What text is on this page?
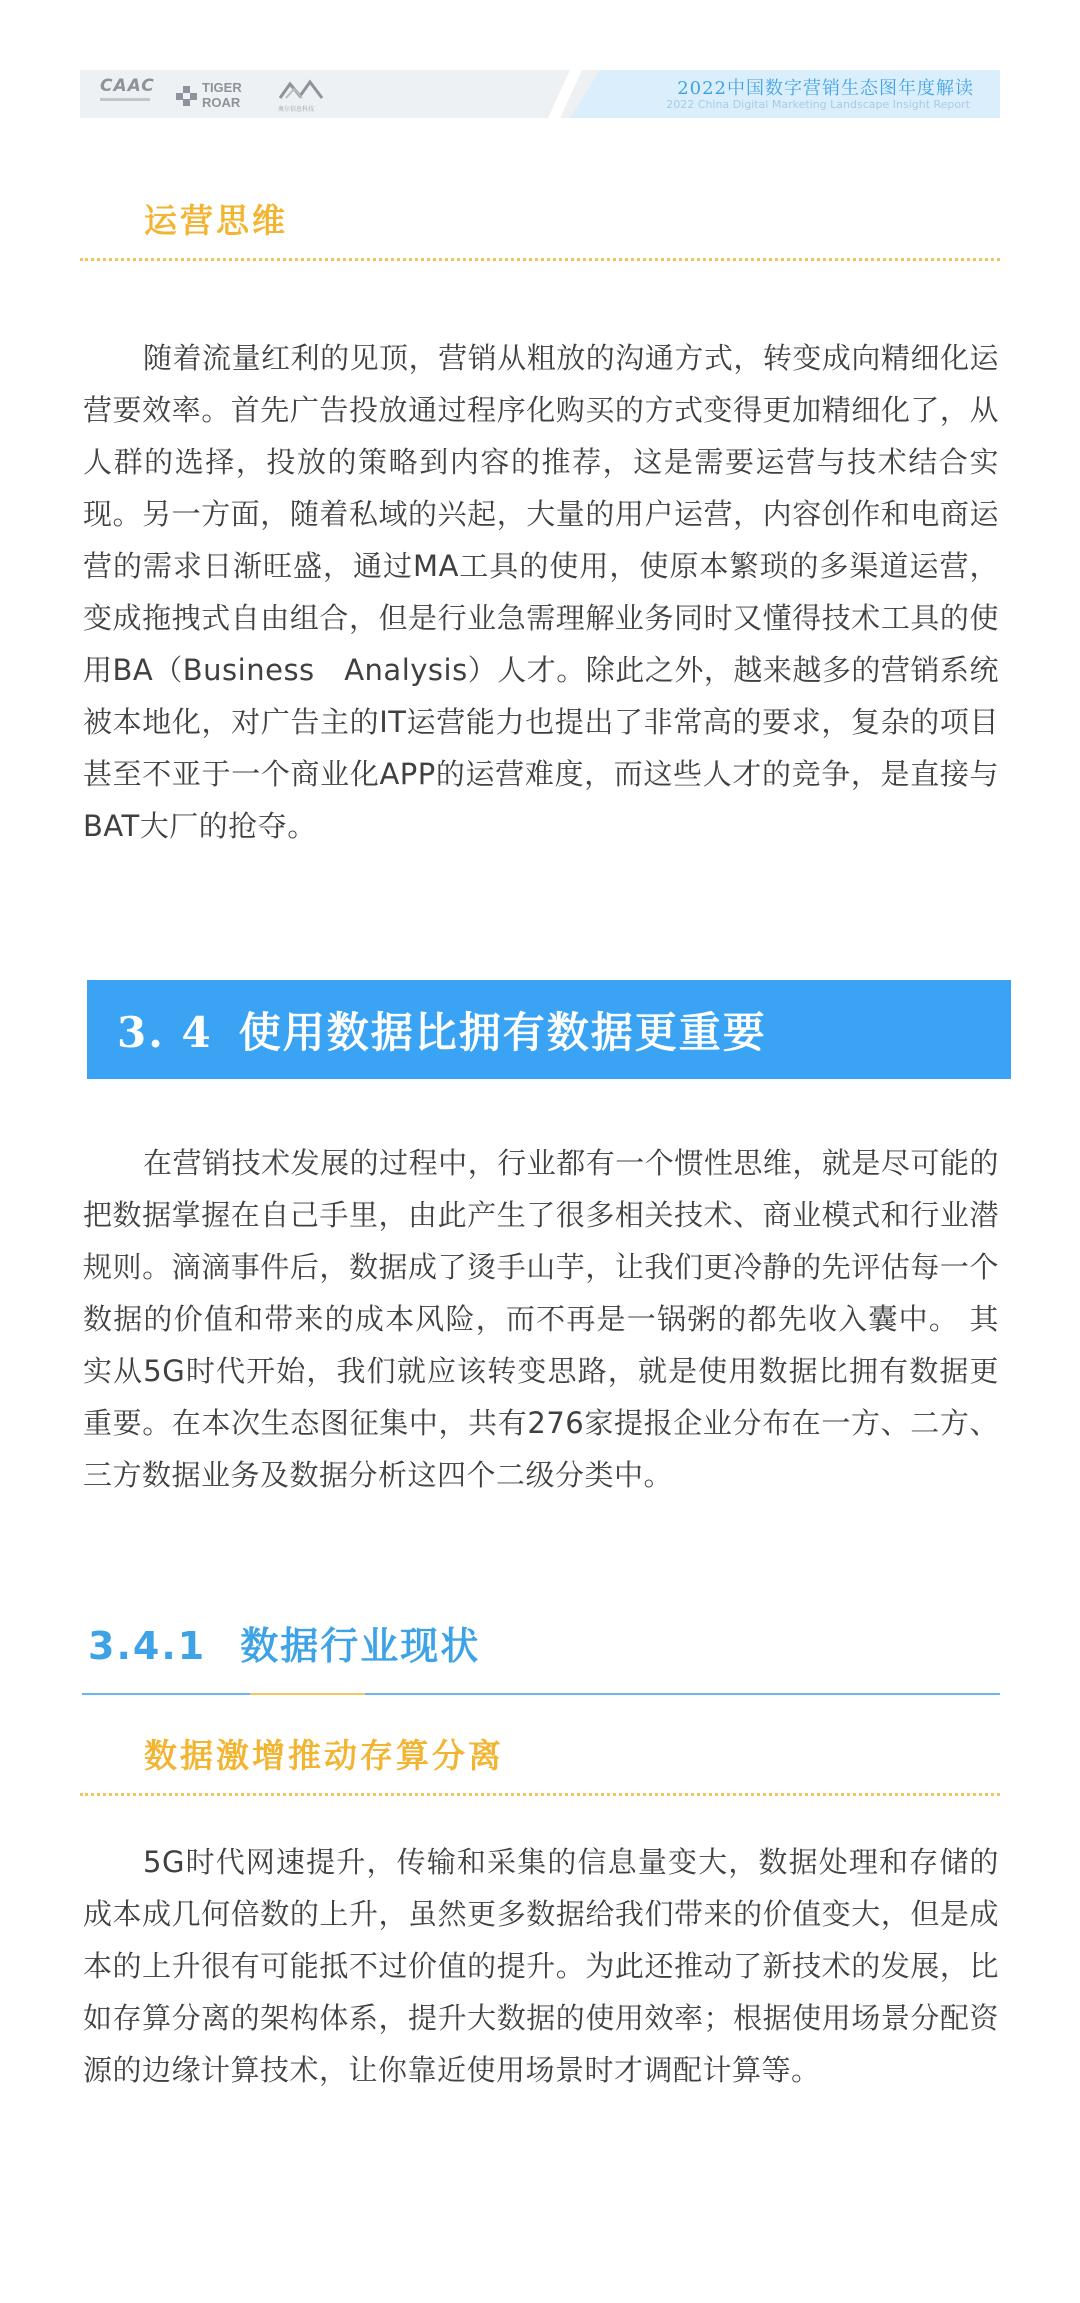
CAAC	TIGER
ROAR	奥尔信息科技
2022中国数字营销生态图年度解读
2022 China Digital Marketing Landscape Insight Report
运营思维
随着流量红利的见顶，营销从粗放的沟通方式，转变成向精细化运营要效率。首先广告投放通过程序化购买的方式变得更加精细化了，从人群的选择，投放的策略到内容的推荐，这是需要运营与技术结合实现。另一方面，随着私域的兴起，大量的用户运营，内容创作和电商运营的需求日渐旺盛，通过MA工具的使用，使原本繁琐的多渠道运营，变成拖拽式自由组合，但是行业急需理解业务同时又懂得技术工具的使用BA（Business　Analysis）人才。除此之外，越来越多的营销系统被本地化，对广告主的IT运营能力也提出了非常高的要求，复杂的项目甚至不亚于一个商业化APP的运营难度，而这些人才的竞争，是直接与BAT大厂的抢夺。
3. 4 使用数据比拥有数据更重要
在营销技术发展的过程中，行业都有一个惯性思维，就是尽可能的把数据掌握在自己手里，由此产生了很多相关技术、商业模式和行业潜规则。滴滴事件后，数据成了烫手山芋，让我们更冷静的先评估每一个数据的价值和带来的成本风险，而不再是一锅粥的都先收入囊中。 其实从5G时代开始，我们就应该转变思路，就是使用数据比拥有数据更重要。在本次生态图征集中，共有276家提报企业分布在一方、二方、三方数据业务及数据分析这四个二级分类中。
3.4.1 数据行业现状
数据激增推动存算分离
5G时代网速提升，传输和采集的信息量变大，数据处理和存储的成本成几何倍数的上升，虽然更多数据给我们带来的价值变大，但是成本的上升很有可能抵不过价值的提升。为此还推动了新技术的发展，比如存算分离的架构体系，提升大数据的使用效率；根据使用场景分配资源的边缘计算技术，让你靠近使用场景时才调配计算等。
